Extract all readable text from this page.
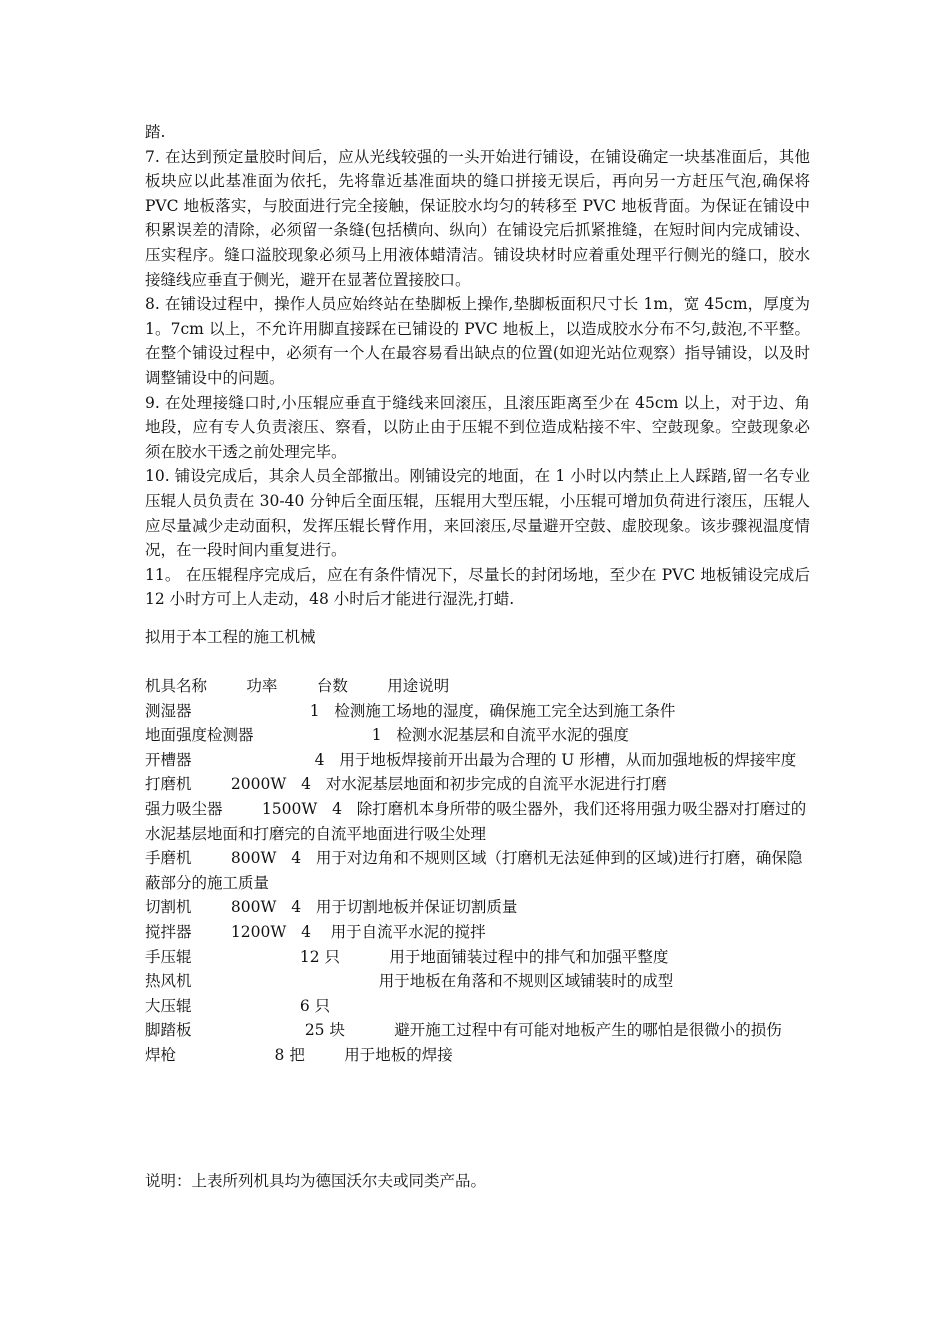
踏.

7. 在达到预定量胶时间后，应从光线较强的一头开始进行铺设，在铺设确定一块基准面后，其他板块应以此基准面为依托，先将靠近基准面块的缝口拼接无误后，再向另一方赶压气泡,确保将 PVC 地板落实，与胶面进行完全接触，保证胶水均匀的转移至 PVC 地板背面。为保证在铺设中积累误差的清除，必须留一条缝(包括横向、纵向）在铺设完后抓紧推缝，在短时间内完成铺设、压实程序。缝口溢胶现象必须马上用液体蜡清洁。铺设块材时应着重处理平行侧光的缝口，胶水接缝线应垂直于侧光，避开在显著位置接胶口。

8. 在铺设过程中，操作人员应始终站在垫脚板上操作,垫脚板面积尺寸长 1m，宽 45cm，厚度为 1。7cm 以上，不允许用脚直接踩在已铺设的 PVC 地板上，以造成胶水分布不匀,鼓泡,不平整。在整个铺设过程中，必须有一个人在最容易看出缺点的位置(如迎光站位观察）指导铺设，以及时调整铺设中的问题。

9. 在处理接缝口时,小压辊应垂直于缝线来回滚压，且滚压距离至少在 45cm 以上，对于边、角地段，应有专人负责滚压、察看，以防止由于压辊不到位造成粘接不牢、空鼓现象。空鼓现象必须在胶水干透之前处理完毕。

10. 铺设完成后，其余人员全部撤出。刚铺设完的地面，在 1 小时以内禁止上人踩踏,留一名专业压辊人员负责在 30-40 分钟后全面压辊，压辊用大型压辊，小压辊可增加负荷进行滚压，压辊人应尽量减少走动面积，发挥压辊长臂作用，来回滚压,尽量避开空鼓、虚胶现象。该步骤视温度情况，在一段时间内重复进行。

11。 在压辊程序完成后，应在有条件情况下，尽量长的封闭场地，至少在 PVC 地板铺设完成后 12 小时方可上人走动，48 小时后才能进行湿洗,打蜡.

拟用于本工程的施工机械
机具名称        功率        台数        用途说明
测湿器                        1   检测施工场地的湿度，确保施工完全达到施工条件
地面强度检测器                        1   检测水泥基层和自流平水泥的强度
开槽器                         4   用于地板焊接前开出最为合理的 U 形槽，从而加强地板的焊接牢度
打磨机        2000W   4   对水泥基层地面和初步完成的自流平水泥进行打磨
强力吸尘器        1500W   4   除打磨机本身所带的吸尘器外，我们还将用强力吸尘器对打磨过的水泥基层地面和打磨完的自流平地面进行吸尘处理
手磨机        800W   4   用于对边角和不规则区域（打磨机无法延伸到的区域)进行打磨，确保隐蔽部分的施工质量
切割机        800W   4   用于切割地板并保证切割质量
搅拌器        1200W   4    用于自流平水泥的搅拌
手压辊                      12 只          用于地面铺装过程中的排气和加强平整度
热风机                                      用于地板在角落和不规则区域铺装时的成型
大压辊                      6 只
脚踏板                       25 块          避开施工过程中有可能对地板产生的哪怕是很微小的损伤
焊枪                    8 把        用于地板的焊接
说明：上表所列机具均为德国沃尔夫或同类产品。
